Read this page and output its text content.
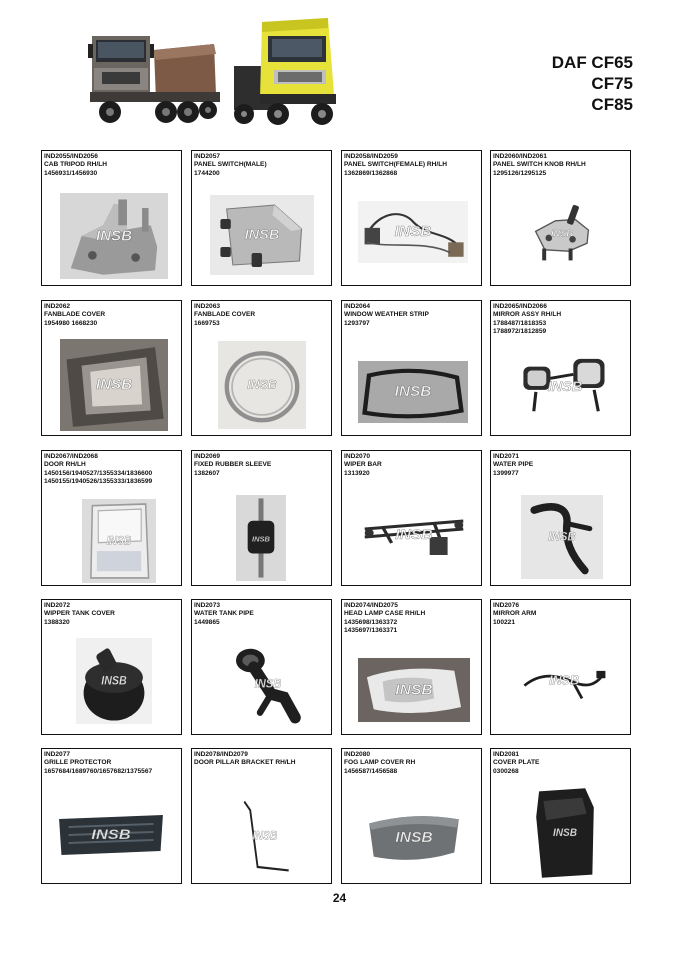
DAF CF65
CF75
CF85
IND2055/IND2056
CAB TRIPOD RH/LH
1456931/1456930
INSB
IND2057
PANEL SWITCH(MALE)
1744200
INSB
IND2058/IND2059
PANEL SWITCH(FEMALE) RH/LH
1362869/1362868
INSB
IND2060/IND2061
PANEL SWITCH KNOB RH/LH
1295126/1295125
INSB
IND2062
FANBLADE COVER
1954980 1668230
INSB
IND2063
FANBLADE COVER
1669753
INSB
IND2064
WINDOW WEATHER STRIP
1293797
INSB
IND2065/IND2066
MIRROR ASSY RH/LH
1788487/1818353
1788972/1812859
INSB
IND2067/IND2068
DOOR RH/LH
1450156/1940527/1355334/1836600
1450155/1940526/1355333/1836599
INSB
IND2069
FIXED RUBBER SLEEVE
1382607
INSB
IND2070
WIPER BAR
1313920
INSB
IND2071
WATER PIPE
1399977
INSB
IND2072
WIPPER TANK COVER
1388320
INSB
IND2073
WATER TANK PIPE
1449865
INSB
IND2074/IND2075
HEAD LAMP CASE RH/LH
1435698/1363372
1435697/1363371
INSB
IND2076
MIRROR ARM
100221
INSB
IND2077
GRILLE PROTECTOR
1657684/1689760/1657682/1375567
INSB
IND2078/IND2079
DOOR PILLAR BRACKET RH/LH
INSB
IND2080
FOG LAMP COVER RH
1456587/1456588
INSB
IND2081
COVER PLATE
0300268
INSB
24
